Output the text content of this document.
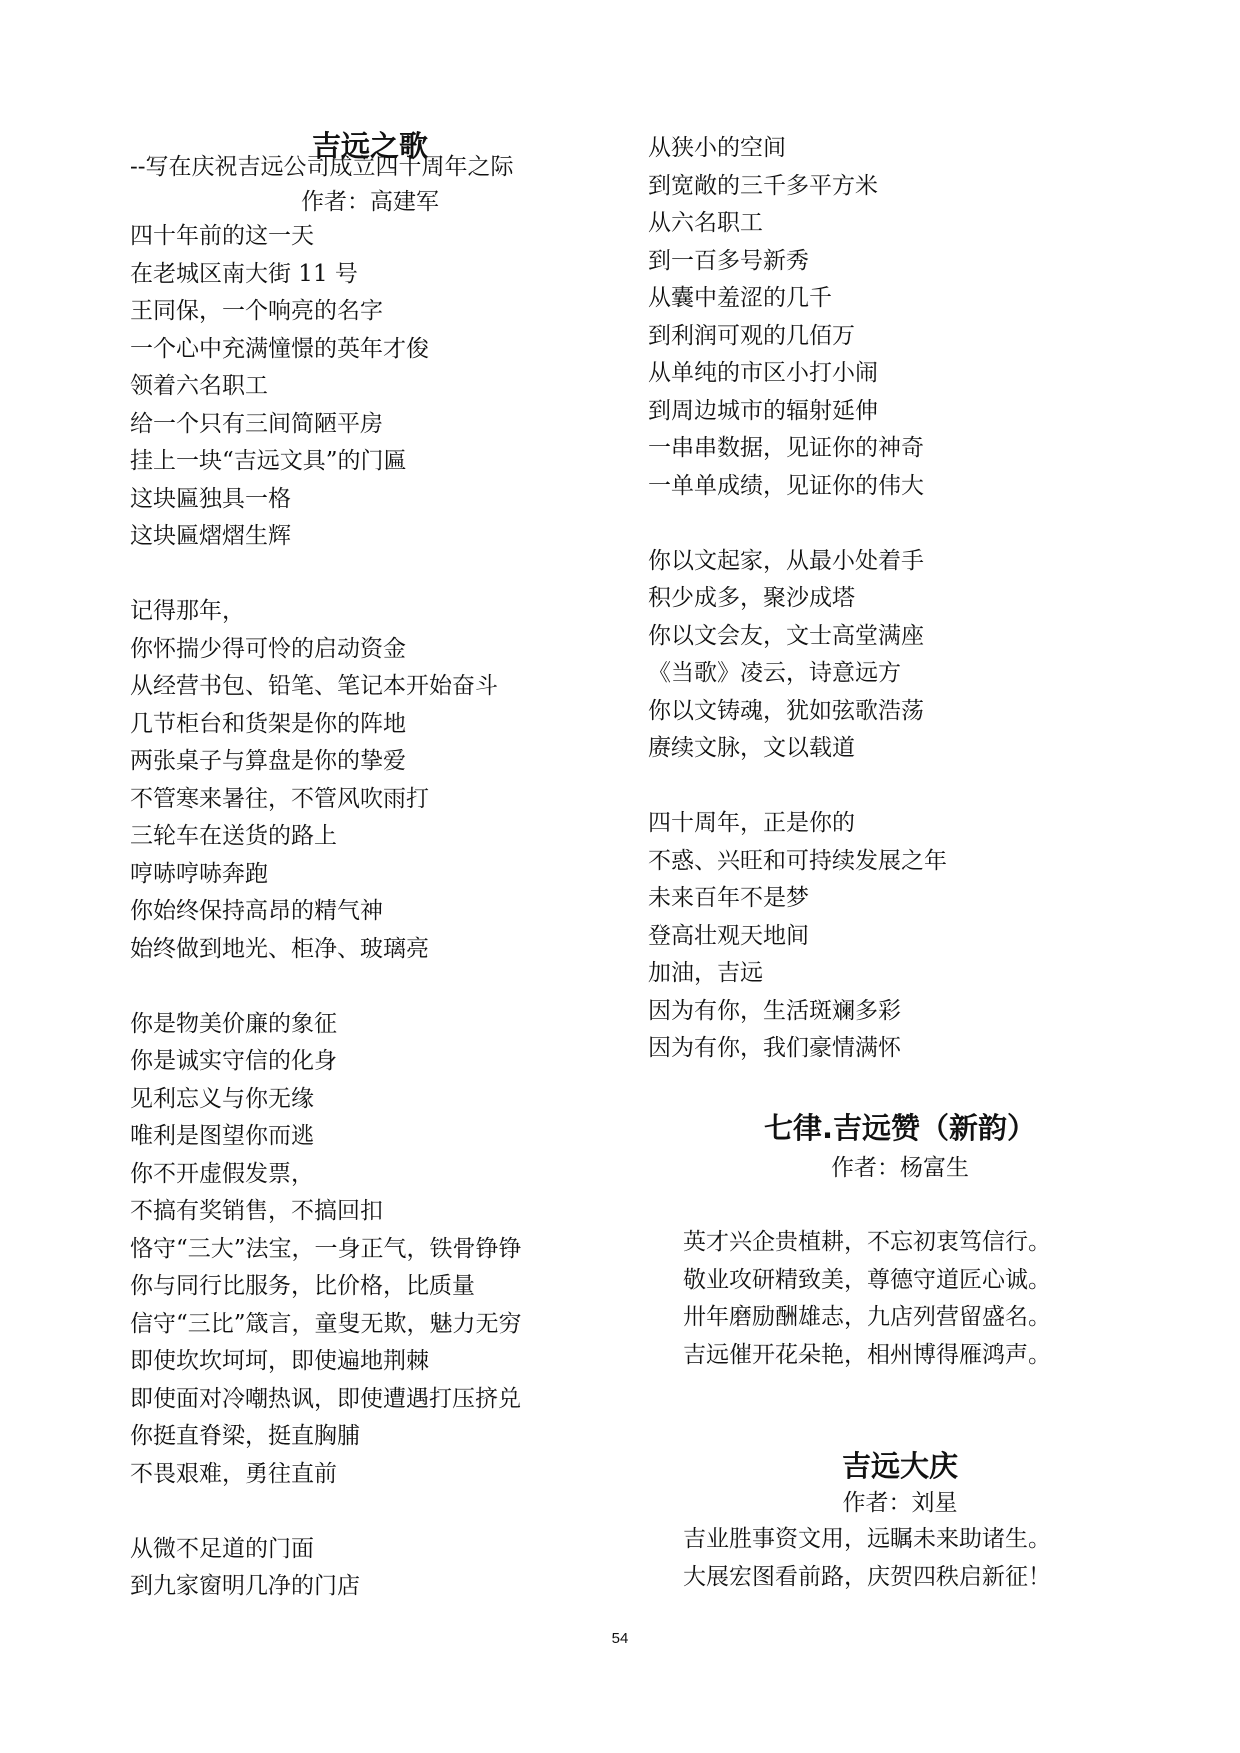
吉远之歌
--写在庆祝吉远公司成立四十周年之际
作者：高建军
四十年前的这一天
在老城区南大街 11 号
王同保，一个响亮的名字
一个心中充满憧憬的英年才俊
领着六名职工
给一个只有三间简陋平房
挂上一块“吉远文具”的门匾
这块匾独具一格
这块匾熠熠生辉
记得那年，
你怀揣少得可怜的启动资金
从经营书包、铅笔、笔记本开始奋斗
几节柜台和货架是你的阵地
两张桌子与算盘是你的挚爱
不管寒来暑往，不管风吹雨打
三轮车在送货的路上
哼哧哼哧奔跑
你始终保持高昂的精气神
始终做到地光、柜净、玻璃亮
你是物美价廉的象征
你是诚实守信的化身
见利忘义与你无缘
唯利是图望你而逃
你不开虚假发票，
不搞有奖销售，不搞回扣
恪守“三大”法宝，一身正气，铁骨铮铮
你与同行比服务，比价格，比质量
信守“三比”箴言，童叟无欺，魅力无穷
即使坎坎坷坷，即使遍地荆棘
即使面对冷嘲热讽，即使遭遇打压挤兑
你挺直脊梁，挺直胸脯
不畏艰难，勇往直前
从微不足道的门面
到九家窗明几净的门店
从狭小的空间
到宽敞的三千多平方米
从六名职工
到一百多号新秀
从囊中羞涩的几千
到利润可观的几佰万
从单纯的市区小打小闹
到周边城市的辐射延伸
一串串数据，见证你的神奇
一单单成绩，见证你的伟大
你以文起家，从最小处着手
积少成多，聚沙成塔
你以文会友，文士高堂满座
《当歌》凌云，诗意远方
你以文铸魂，犹如弦歌浩荡
赓续文脉，文以载道
四十周年，正是你的
不惑、兴旺和可持续发展之年
未来百年不是梦
登高壮观天地间
加油，吉远
因为有你，生活斑斓多彩
因为有你，我们豪情满怀
七律.吉远赞（新韵）
作者：杨富生
英才兴企贵植耕，不忘初衷笃信行。
敬业攻研精致美，尊德守道匠心诚。
卅年磨励酬雄志，九店列营留盛名。
吉远催开花朵艳，相州博得雁鸿声。
吉远大庆
作者：刘星
吉业胜事资文用，远瞩未来助诸生。
大展宏图看前路，庆贺四秩启新征！
54
